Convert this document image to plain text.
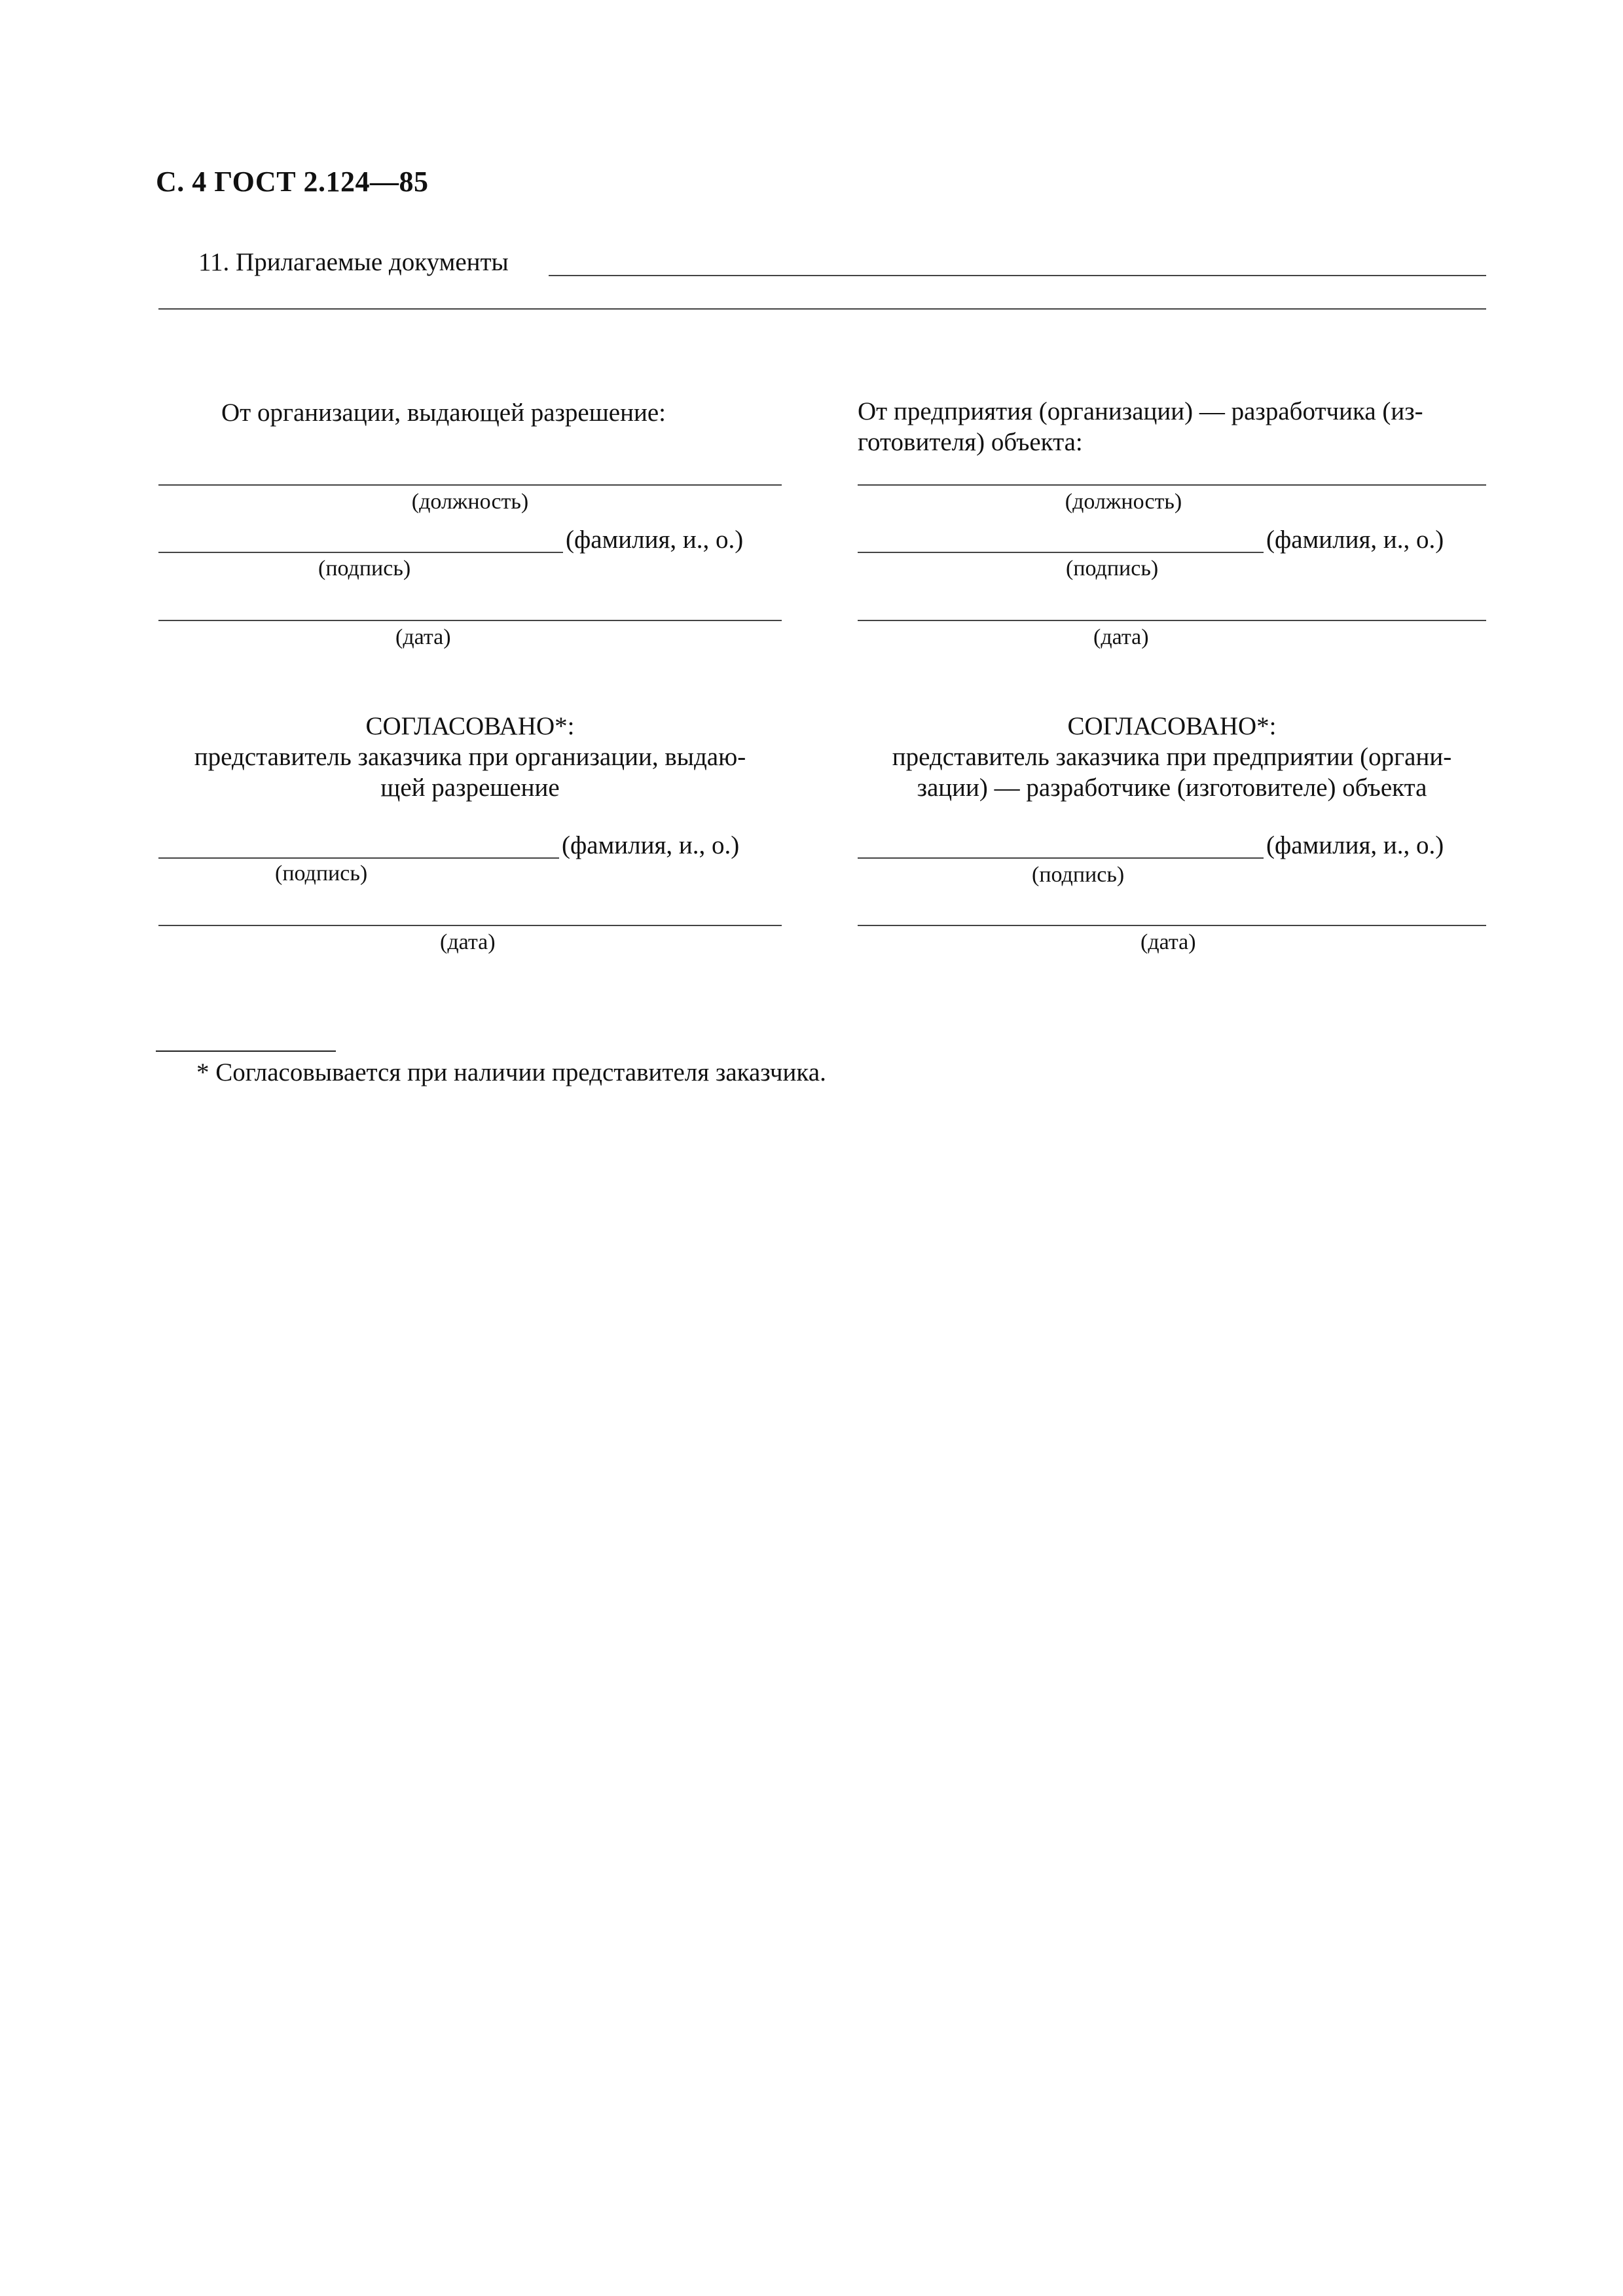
С. 4 ГОСТ 2.124—85
11. Прилагаемые документы
От организации, выдающей разрешение:
(должность)
(фамилия, и., о.)
(подпись)
(дата)
СОГЛАСОВАНО*:
представитель заказчика при организации, выдаю-
щей разрешение
(фамилия, и., о.)
(подпись)
(дата)
От предприятия (организации) — разработчика (из-
готовителя) объекта:
(должность)
(фамилия, и., о.)
(подпись)
(дата)
СОГЛАСОВАНО*:
представитель заказчика при предприятии (органи-
зации) — разработчике (изготовителе) объекта
(фамилия, и., о.)
(подпись)
(дата)
* Согласовывается при наличии представителя заказчика.
